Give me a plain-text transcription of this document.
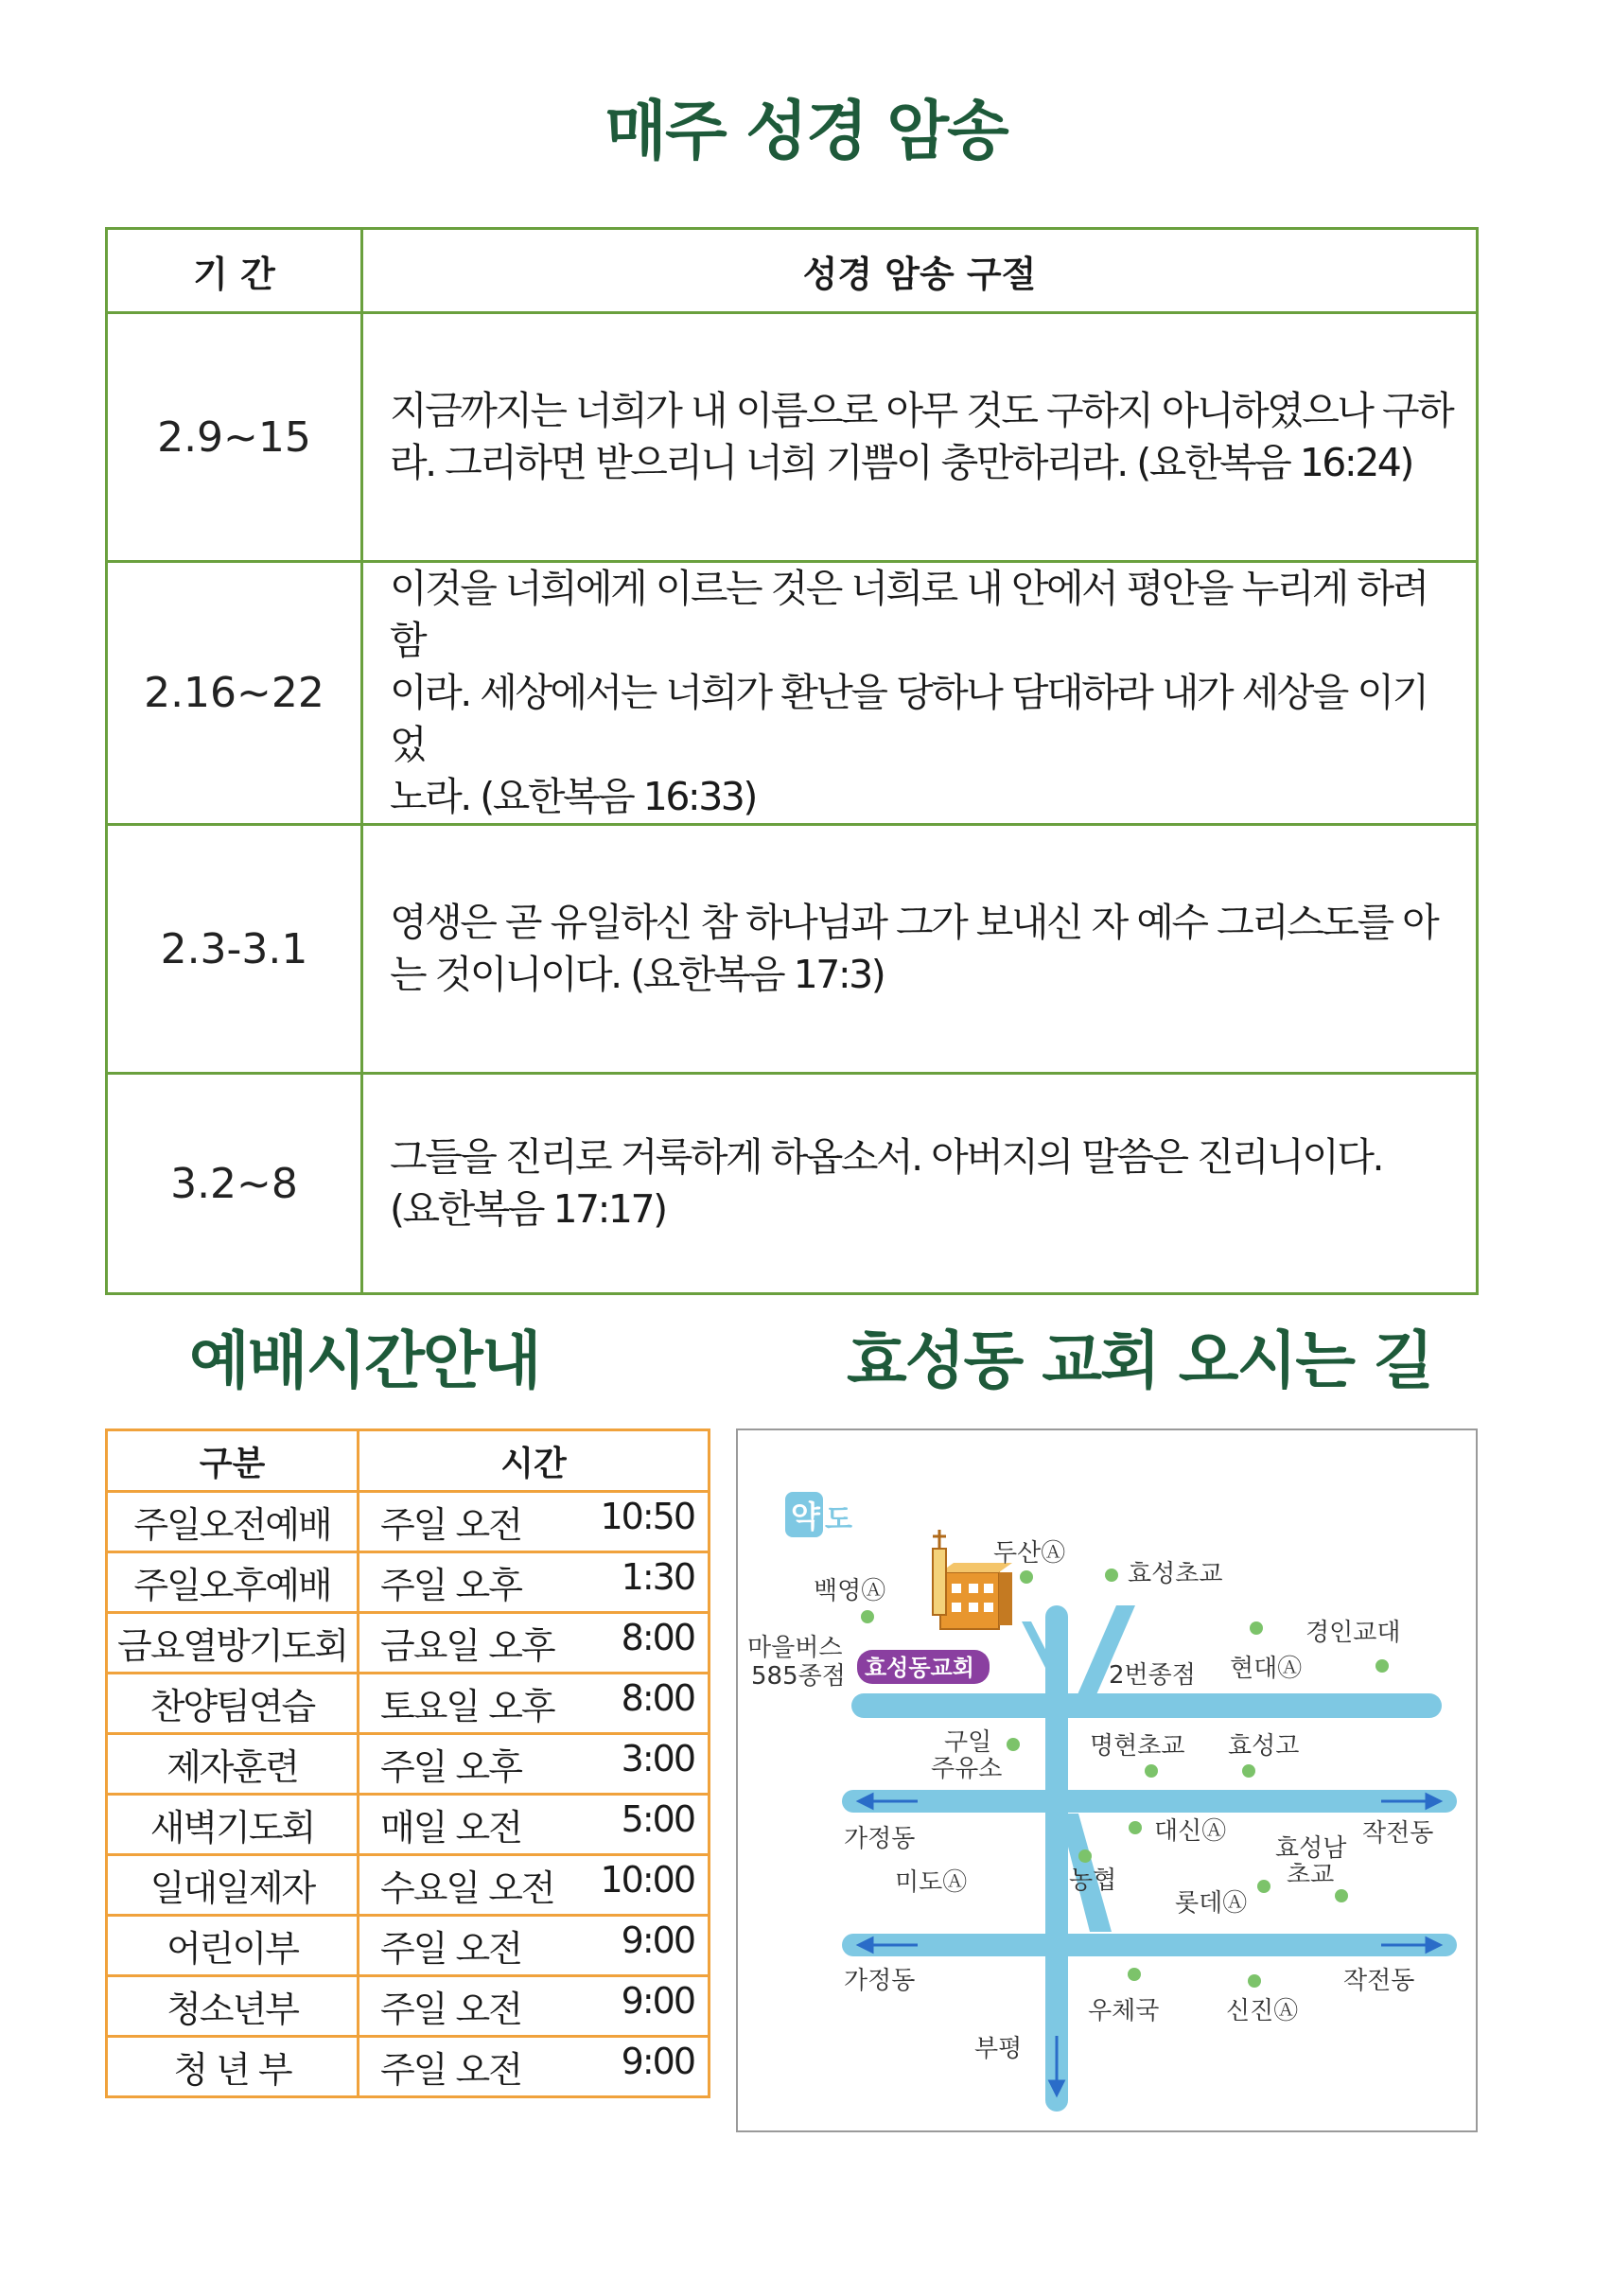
매주 성경 암송
기 간	성경 암송 구절
2.9~15	지금까지는 너희가 내 이름으로 아무 것도 구하지 아니하였으나 구하
라. 그리하면 받으리니 너희 기쁨이 충만하리라. (요한복음 16:24)

2.16~22	이것을 너희에게 이르는 것은 너희로 내 안에서 평안을 누리게 하려 함
이라. 세상에서는 너희가 환난을 당하나 담대하라 내가 세상을 이기었
노라. (요한복음 16:33)

2.3-3.1	영생은 곧 유일하신 참 하나님과 그가 보내신 자 예수 그리스도를 아
는 것이니이다. (요한복음 17:3)

3.2~8	그들을 진리로 거룩하게 하옵소서. 아버지의 말씀은 진리니이다.
(요한복음 17:17)
예배시간안내	효성동 교회 오시는 길
구분	시간
주일오전예배	주일 오전 10:50

주일오후예배	주일 오후 1:30

금요열방기도회	금요일 오후 8:00

찬양팀연습	토요일 오후 8:00

제자훈련	주일 오후 3:00

새벽기도회	매일 오전 5:00

일대일제자	수요일 오전 10:00

어린이부	주일 오전 9:00

청소년부	주일 오전 9:00

청 년 부	주일 오전 9:00
약 도
효성동교회
두산Ⓐ
효성초교
백영Ⓐ
경인교대
마을버스
585종점	2번종점 현대Ⓐ
구일
주유소
명현초교 효성고
가정동	대신Ⓐ	작전동
효성남
초교
미도Ⓐ	농협
롯데Ⓐ
가정동	작전동
우체국	신진Ⓐ
부평
